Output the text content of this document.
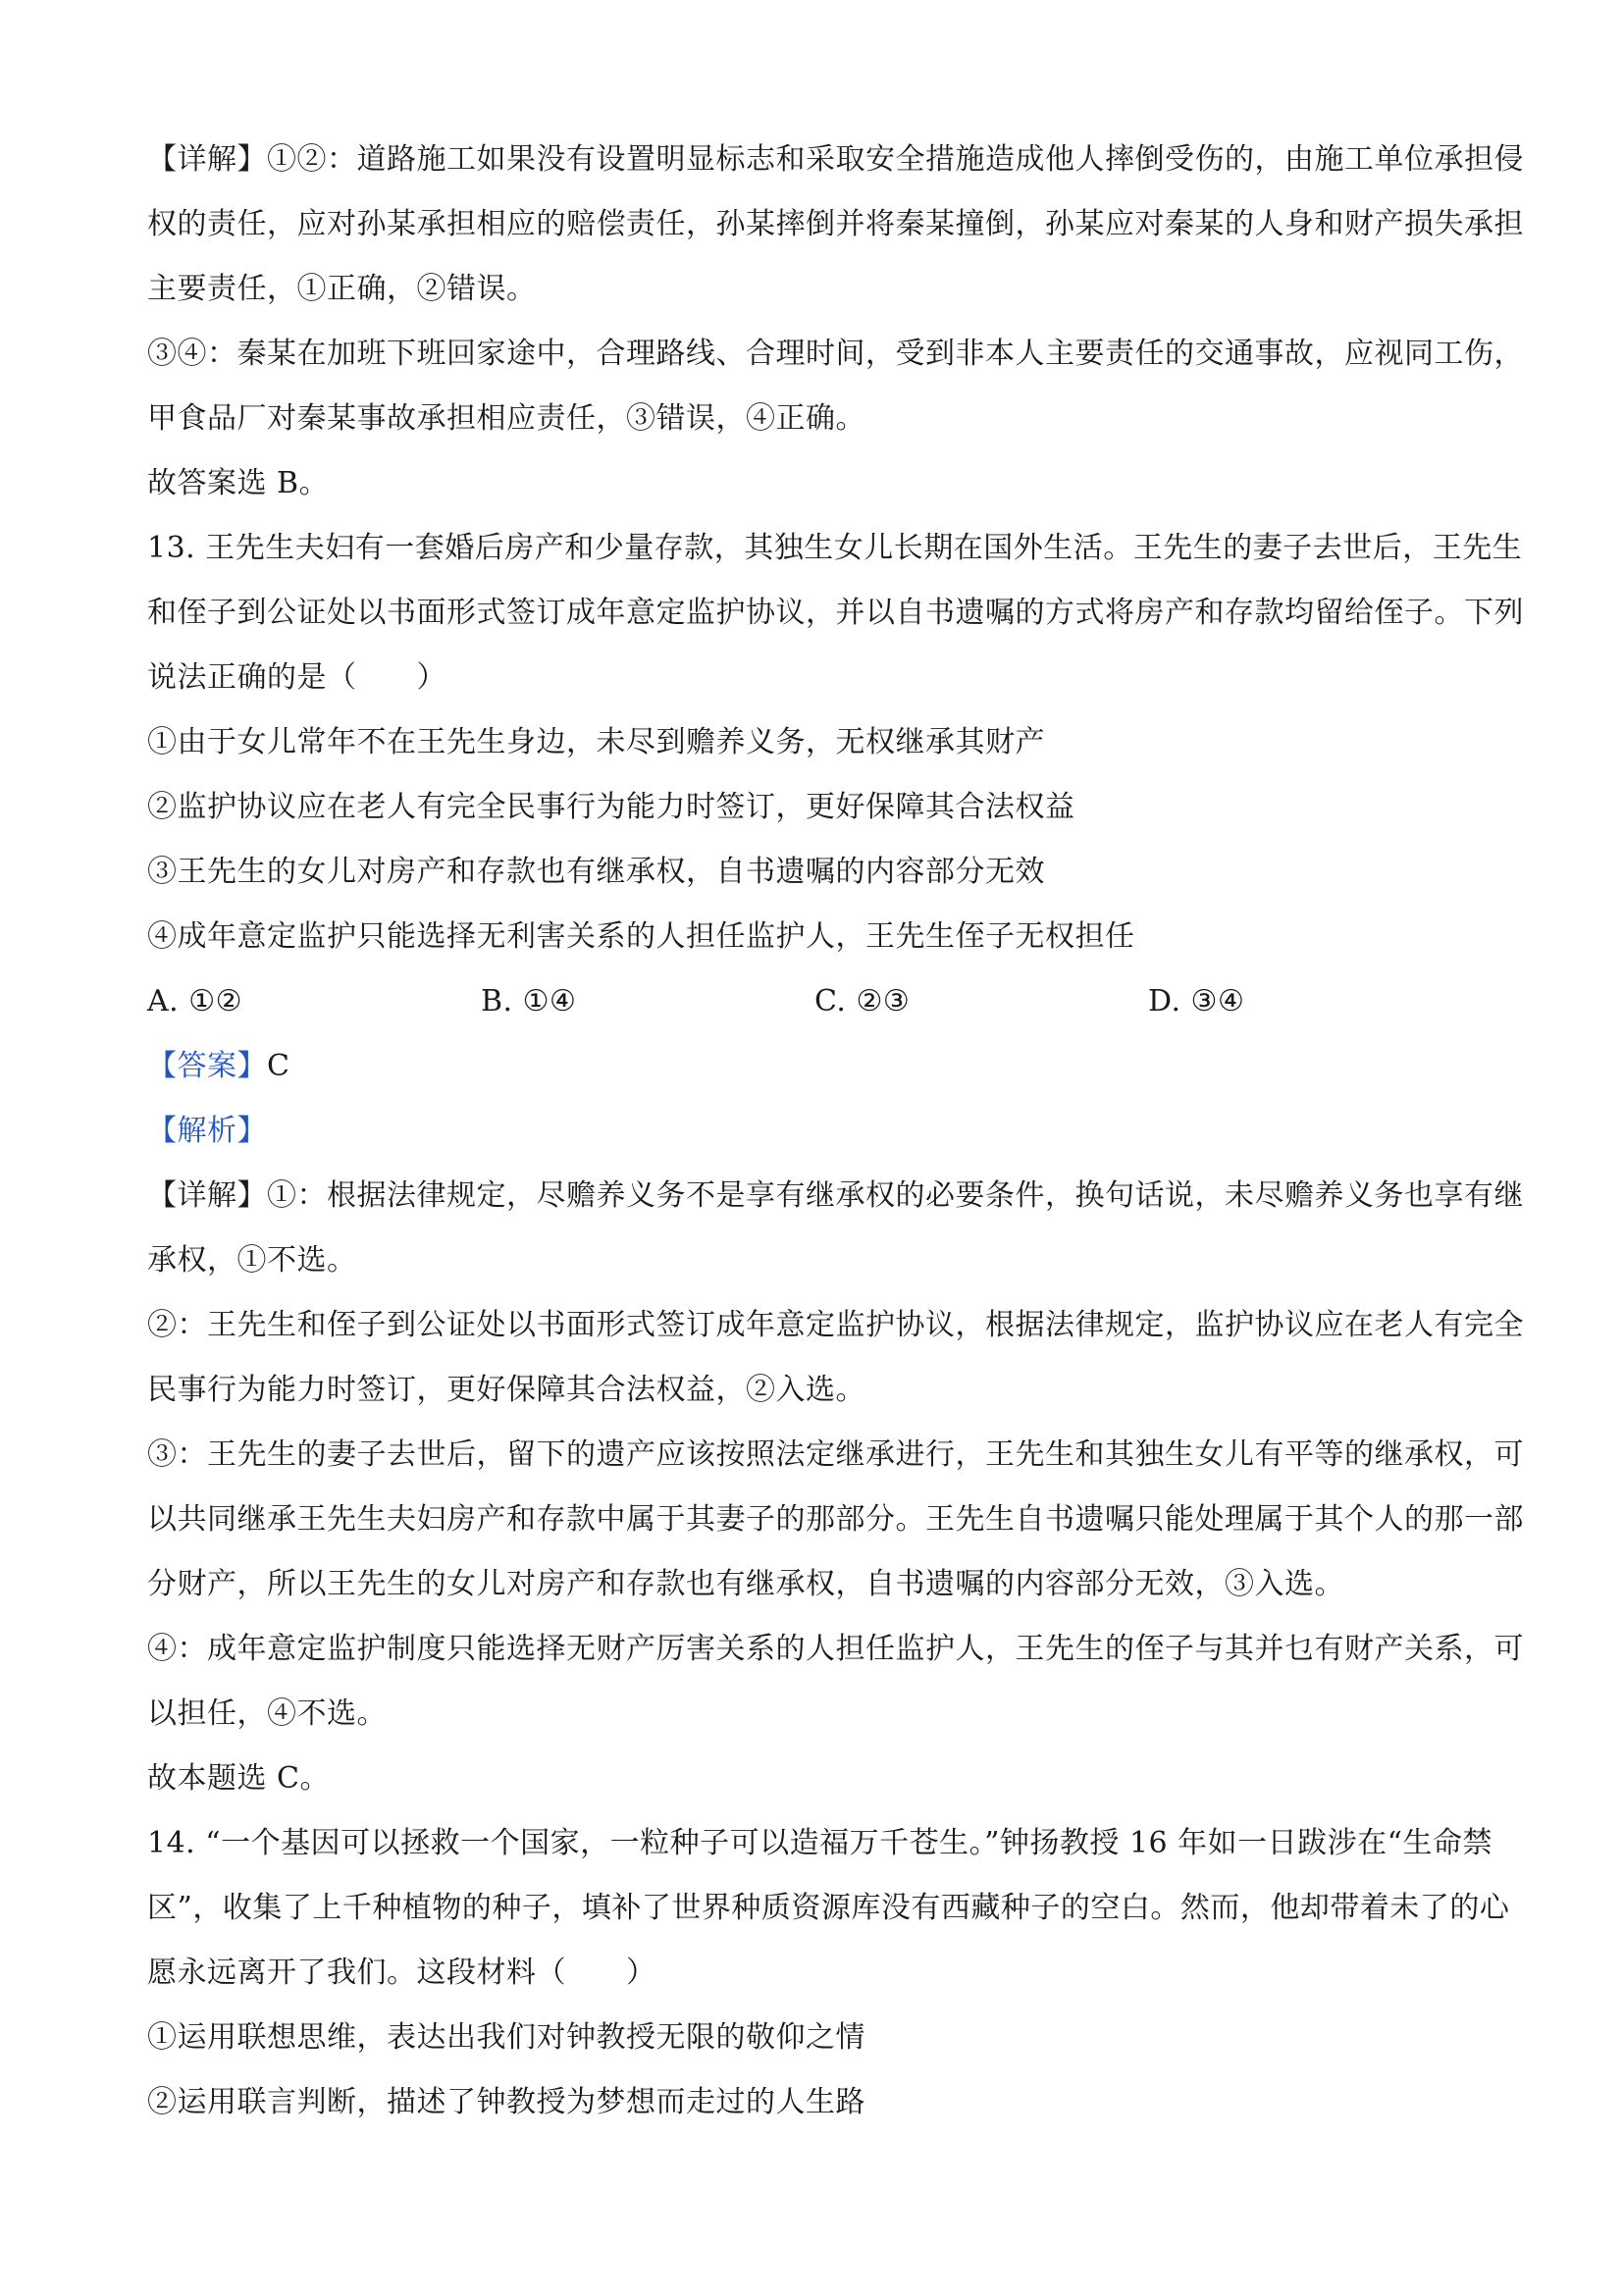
【详解】①②：道路施工如果没有设置明显标志和采取安全措施造成他人摔倒受伤的，由施工单位承担侵
权的责任，应对孙某承担相应的赔偿责任，孙某摔倒并将秦某撞倒，孙某应对秦某的人身和财产损失承担
主要责任，①正确，②错误。
③④：秦某在加班下班回家途中，合理路线、合理时间，受到非本人主要责任的交通事故，应视同工伤，
甲食品厂对秦某事故承担相应责任，③错误，④正确。
故答案选 B。
13. 王先生夫妇有一套婚后房产和少量存款，其独生女儿长期在国外生活。王先生的妻子去世后，王先生
和侄子到公证处以书面形式签订成年意定监护协议，并以自书遗嘱的方式将房产和存款均留给侄子。下列
说法正确的是（　　）
①由于女儿常年不在王先生身边，未尽到赡养义务，无权继承其财产
②监护协议应在老人有完全民事行为能力时签订，更好保障其合法权益
③王先生的女儿对房产和存款也有继承权，自书遗嘱的内容部分无效
④成年意定监护只能选择无利害关系的人担任监护人，王先生侄子无权担任
A. ①②	B. ①④	C. ②③	D. ③④
【答案】C
【解析】
【详解】①：根据法律规定，尽赡养义务不是享有继承权的必要条件，换句话说，未尽赡养义务也享有继
承权，①不选。
②：王先生和侄子到公证处以书面形式签订成年意定监护协议，根据法律规定，监护协议应在老人有完全
民事行为能力时签订，更好保障其合法权益，②入选。
③：王先生的妻子去世后，留下的遗产应该按照法定继承进行，王先生和其独生女儿有平等的继承权，可
以共同继承王先生夫妇房产和存款中属于其妻子的那部分。王先生自书遗嘱只能处理属于其个人的那一部
分财产，所以王先生的女儿对房产和存款也有继承权，自书遗嘱的内容部分无效，③入选。
④：成年意定监护制度只能选择无财产厉害关系的人担任监护人，王先生的侄子与其并乜有财产关系，可
以担任，④不选。
故本题选 C。
14. “一个基因可以拯救一个国家，一粒种子可以造福万千苍生。”钟扬教授 16 年如一日跋涉在“生命禁
区”，收集了上千种植物的种子，填补了世界种质资源库没有西藏种子的空白。然而，他却带着未了的心
愿永远离开了我们。这段材料（　　）
①运用联想思维，表达出我们对钟教授无限的敬仰之情
②运用联言判断，描述了钟教授为梦想而走过的人生路
